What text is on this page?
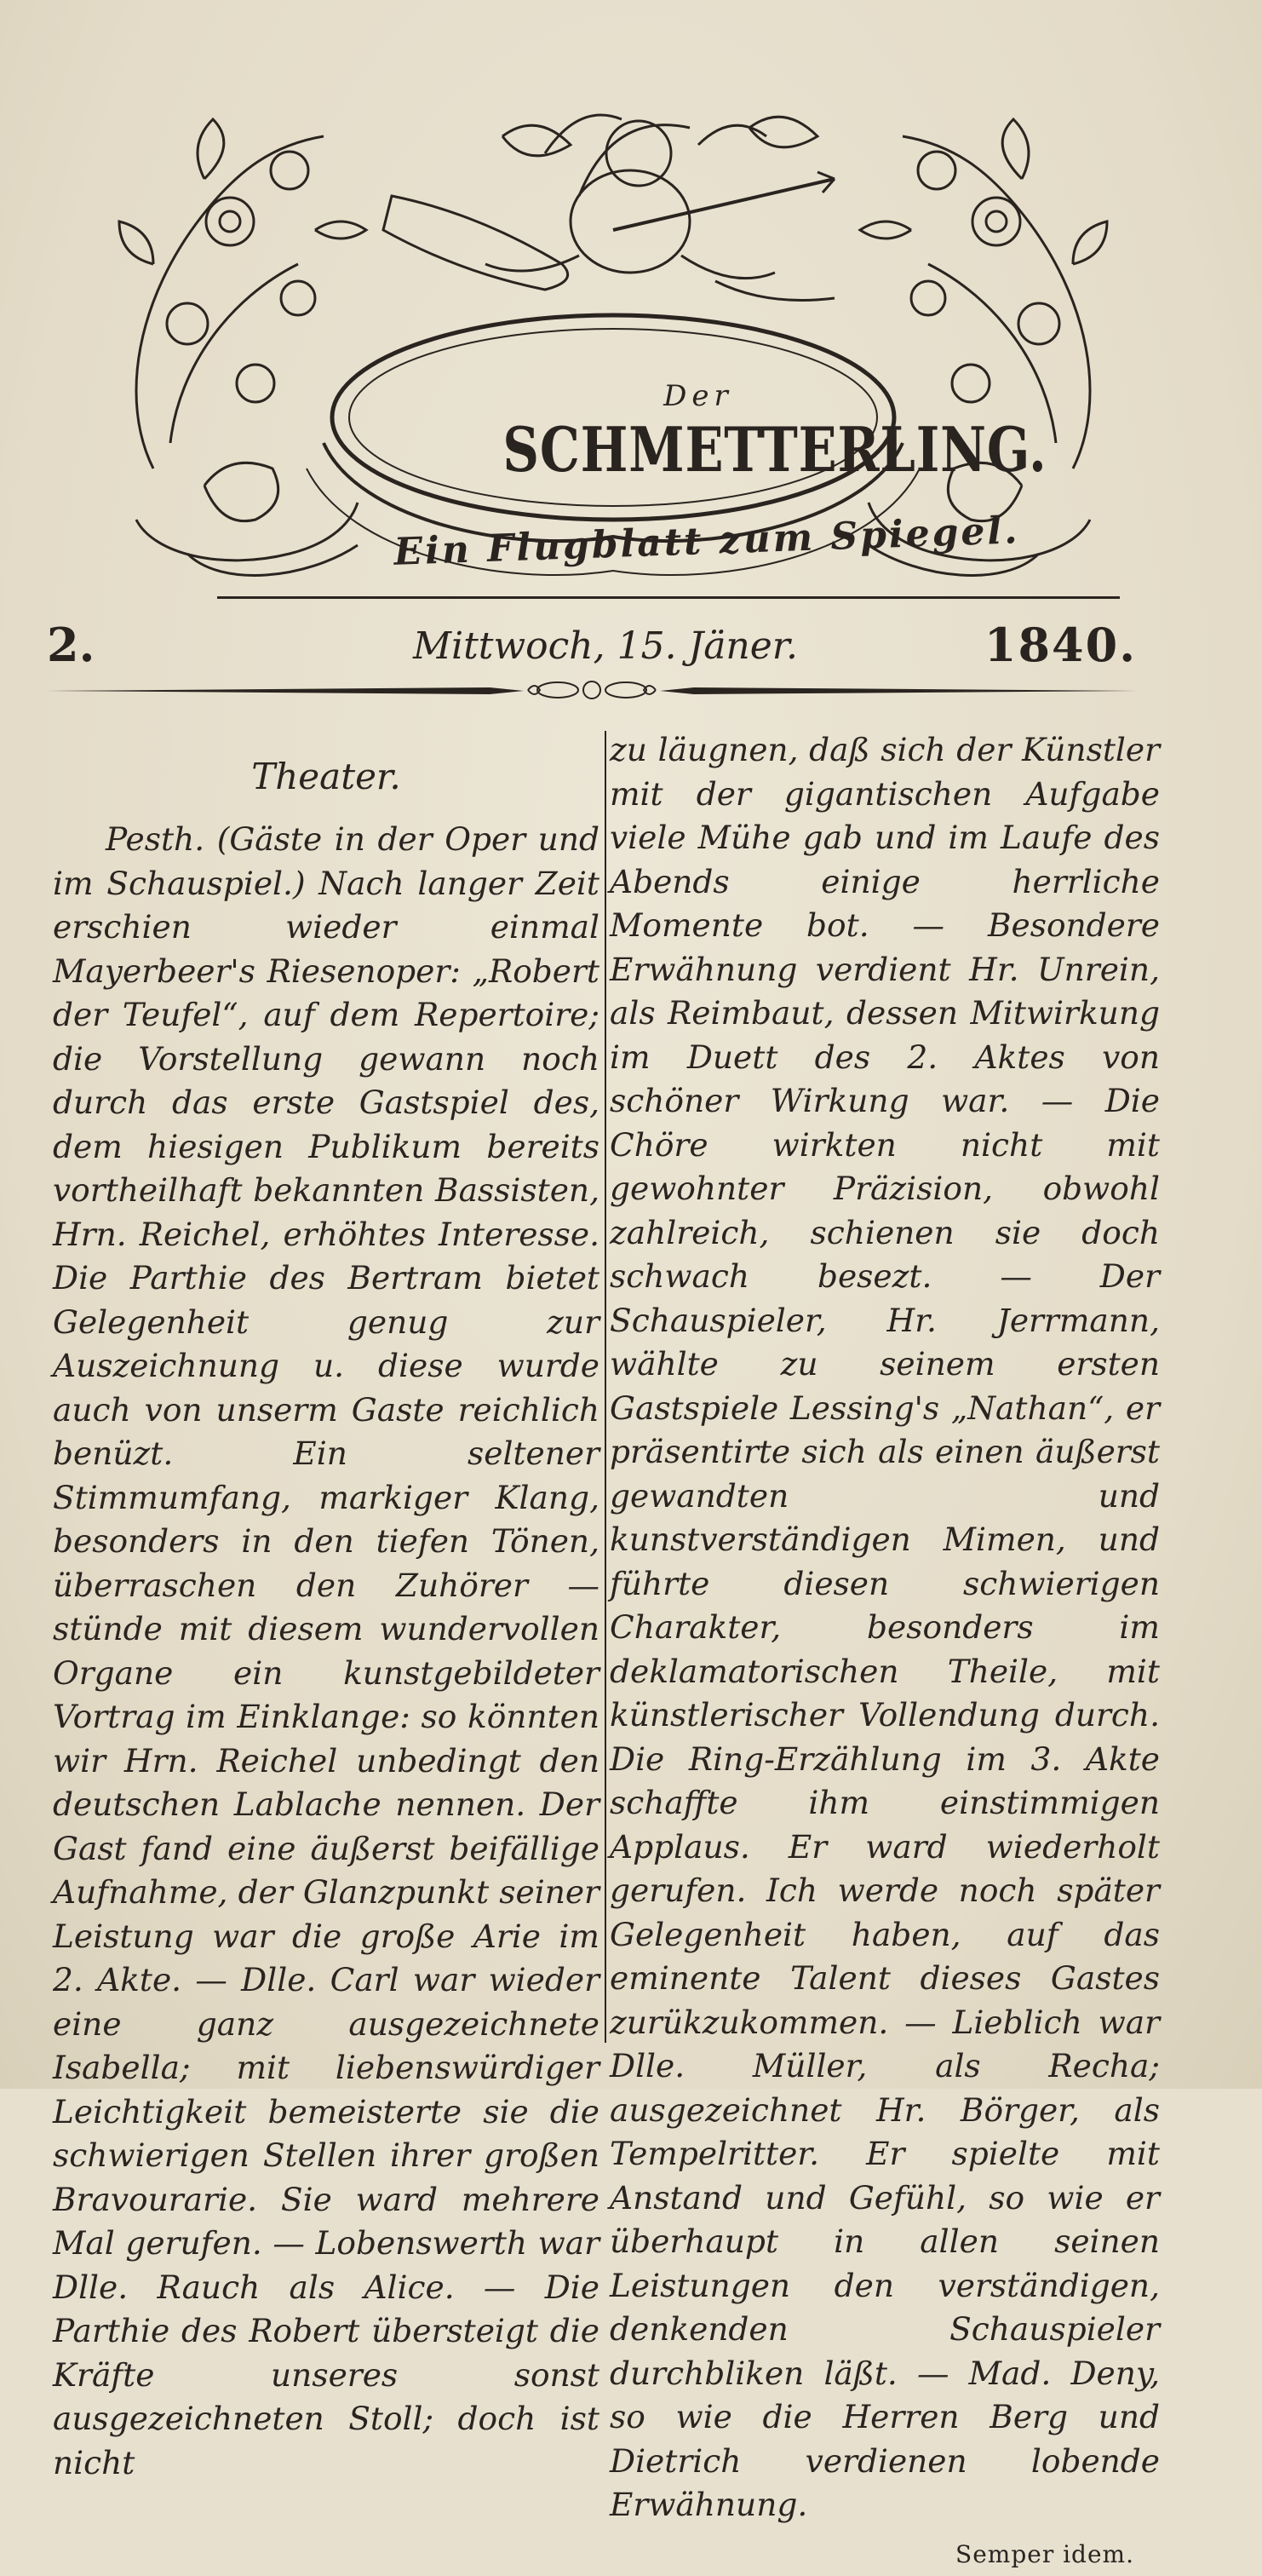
Der
SCHMETTERLING.
Ein Flugblatt zum Spiegel.
2.	Mittwoch, 15. Jäner.	1840.
Theater.

Pesth. (Gäste in der Oper und im Schauspiel.) Nach langer Zeit erschien wieder einmal Mayerbeer's Riesenoper: „Robert der Teufel“, auf dem Repertoire; die Vorstellung gewann noch durch das erste Gastspiel des, dem hiesigen Publikum bereits vortheilhaft bekannten Bassisten, Hrn. Reichel, erhöhtes Interesse. Die Parthie des Bertram bietet Gelegenheit genug zur Auszeichnung u. diese wurde auch von unserm Gaste reichlich benüzt. Ein seltener Stimmumfang, markiger Klang, besonders in den tiefen Tönen, überraschen den Zuhörer — stünde mit diesem wundervollen Organe ein kunstgebildeter Vortrag im Einklange: so könnten wir Hrn. Reichel unbedingt den deutschen Lablache nennen. Der Gast fand eine äußerst beifällige Aufnahme, der Glanzpunkt seiner Leistung war die große Arie im 2. Akte. — Dlle. Carl war wieder eine ganz ausgezeichnete Isabella; mit liebenswürdiger Leichtigkeit bemeisterte sie die schwierigen Stellen ihrer großen Bravourarie. Sie ward mehrere Mal gerufen. — Lobenswerth war Dlle. Rauch als Alice. — Die Parthie des Robert übersteigt die Kräfte unseres sonst ausgezeichneten Stoll; doch ist nicht

zu läugnen, daß sich der Künstler mit der gigantischen Aufgabe viele Mühe gab und im Laufe des Abends einige herrliche Momente bot. — Besondere Erwähnung verdient Hr. Unrein, als Reimbaut, dessen Mitwirkung im Duett des 2. Aktes von schöner Wirkung war. — Die Chöre wirkten nicht mit gewohnter Präzision, obwohl zahlreich, schienen sie doch schwach besezt. — Der Schauspieler, Hr. Jerrmann, wählte zu seinem ersten Gastspiele Lessing's „Nathan“, er präsentirte sich als einen äußerst gewandten und kunstverständigen Mimen, und führte diesen schwierigen Charakter, besonders im deklamatorischen Theile, mit künstlerischer Vollendung durch. Die Ring-Erzählung im 3. Akte schaffte ihm einstimmigen Applaus. Er ward wiederholt gerufen. Ich werde noch später Gelegenheit haben, auf das eminente Talent dieses Gastes zurükzukommen. — Lieblich war Dlle. Müller, als Recha; ausgezeichnet Hr. Börger, als Tempelritter. Er spielte mit Anstand und Gefühl, so wie er überhaupt in allen seinen Leistungen den verständigen, denkenden Schauspieler durchbliken läßt. — Mad. Deny, so wie die Herren Berg und Dietrich verdienen lobende Erwähnung.

Semper idem.
